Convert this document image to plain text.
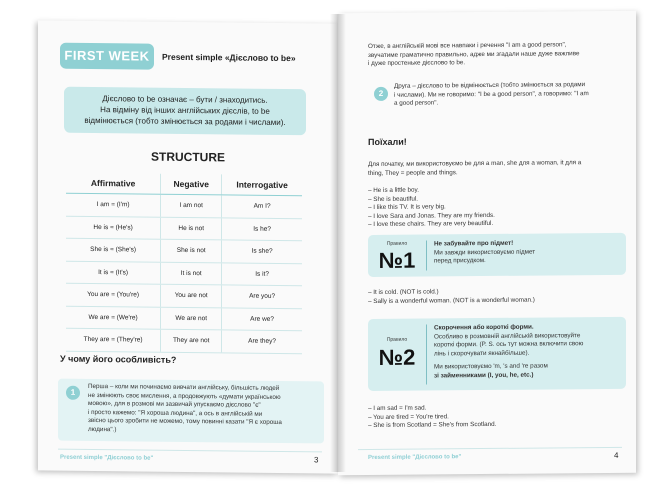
FIRST WEEK	Present simple «Дієслово to be»
Дієслово to be означає – бути / знаходитись.
На відміну від інших англійських дієслів, to be
відмінюється (тобто змінюється за родами і числами).
STRUCTURE
Affirmative	Negative	Interrogative
I am = (I'm)	I am not	Am I?
He is = (He's)	He is not	Is he?
She is = (She's)	She is not	Is she?
It is = (It's)	It is not	Is it?
You are = (You're)	You are not	Are you?
We are = (We're)	We are not	Are we?
They are = (They're)	They are not	Are they?
У чому його особливість?
1
Перша – коли ми починаємо вивчати англійську, більшість людей
не змінюють своє мислення, а продовжують «думати українською
мовою», для в розмові ми зазвичай упускаємо дієслово "є"
і просто кажемо: "Я хороша людина", а ось в англійській ми
звісно цього зробити не можемо, тому повинні казати "Я є хороша
людина".)
Present simple "Дієслово to be"	3
Отже, в англійській мові все навпаки і речення "I am a good person",
звучатиме граматично правильно, адже ми згадали наше дуже важливе
і дуже простеньке дієслово to be.
2
Друга – дієслово to be відмінюється (тобто змінюється за родами
і числами). Ми не говоримо: "I be a good person", а говоримо: "I am
a good person".
Поїхали!
Для початку, ми використовуємо be для a man, she для a woman, it для a
thing, They = people and things.
– He is a little boy.
– She is beautiful.
– I like this TV. It is very big.
– I love Sara and Jonas. They are my friends.
– I love these chairs. They are very beautiful.
Правило
№1
Не забувайте про підмет!
Ми завжди використовуємо підмет
перед присудком.
– It is cold. (NOT is cold.)
– Sally is a wonderful woman. (NOT is a wonderful woman.)
Правило
№2
Скорочення або короткі форми.
Особливо в розмовній англійській використовуйте
короткі форми. (P. S. ось тут можна включити свою
лінь і скорочувати якнайбільше).
Ми використовуємо 'm, 's and 're разом
зі займенниками (I, you, he, etc.)
– I am sad = I'm sad.
– You are tired = You're tired.
– She is from Scotland = She's from Scotland.
Present simple "Дієслово to be"	4
